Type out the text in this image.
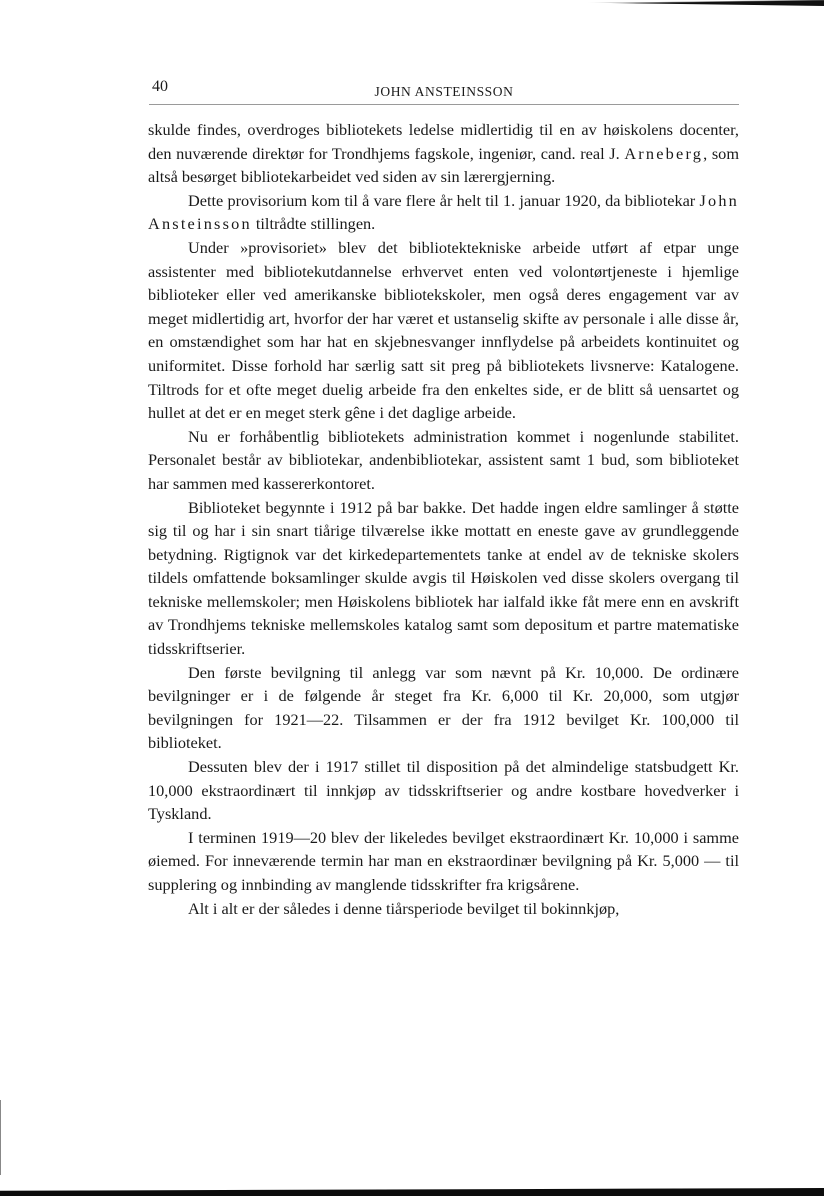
40	JOHN ANSTEINSSON

skulde findes, overdroges bibliotekets ledelse midlertidig til en av høiskolens docenter, den nuværende direktør for Trondhjems fagskole, ingeniør, cand. real J. Arneberg, som altså besørget bibliotekarbeidet ved siden av sin lærergjerning.

Dette provisorium kom til å vare flere år helt til 1. januar 1920, da bibliotekar John Ansteinsson tiltrådte stillingen.

Under »provisoriet» blev det bibliotektekniske arbeide utført af etpar unge assistenter med bibliotekutdannelse erhvervet enten ved volontørtjeneste i hjemlige biblioteker eller ved amerikanske bibliotekskoler, men også deres engagement var av meget midlertidig art, hvorfor der har været et ustanselig skifte av personale i alle disse år, en omstændighet som har hat en skjebnesvanger innflydelse på arbeidets kontinuitet og uniformitet. Disse forhold har særlig satt sit preg på bibliotekets livsnerve: Katalogene. Tiltrods for et ofte meget duelig arbeide fra den enkeltes side, er de blitt så uensartet og hullet at det er en meget sterk gêne i det daglige arbeide.

Nu er forhåbentlig bibliotekets administration kommet i nogenlunde stabilitet. Personalet består av bibliotekar, andenbibliotekar, assistent samt 1 bud, som biblioteket har sammen med kassererkontoret.

Biblioteket begynnte i 1912 på bar bakke. Det hadde ingen eldre samlinger å støtte sig til og har i sin snart tiårige tilværelse ikke mottatt en eneste gave av grundleggende betydning. Rigtignok var det kirkedepartementets tanke at endel av de tekniske skolers tildels omfattende boksamlinger skulde avgis til Høiskolen ved disse skolers overgang til tekniske mellemskoler; men Høiskolens bibliotek har ialfald ikke fåt mere enn en avskrift av Trondhjems tekniske mellemskoles katalog samt som depositum et partre matematiske tidsskriftserier.

Den første bevilgning til anlegg var som nævnt på Kr. 10,000. De ordinære bevilgninger er i de følgende år steget fra Kr. 6,000 til Kr. 20,000, som utgjør bevilgningen for 1921—22. Tilsammen er der fra 1912 bevilget Kr. 100,000 til biblioteket.

Dessuten blev der i 1917 stillet til disposition på det almindelige statsbudgett Kr. 10,000 ekstraordinært til innkjøp av tidsskriftserier og andre kostbare hovedverker i Tyskland.

I terminen 1919—20 blev der likeledes bevilget ekstraordinært Kr. 10,000 i samme øiemed. For inneværende termin har man en ekstraordinær bevilgning på Kr. 5,000 — til supplering og innbinding av manglende tidsskrifter fra krigsårene.

Alt i alt er der således i denne tiårsperiode bevilget til bokinnkjøp,
